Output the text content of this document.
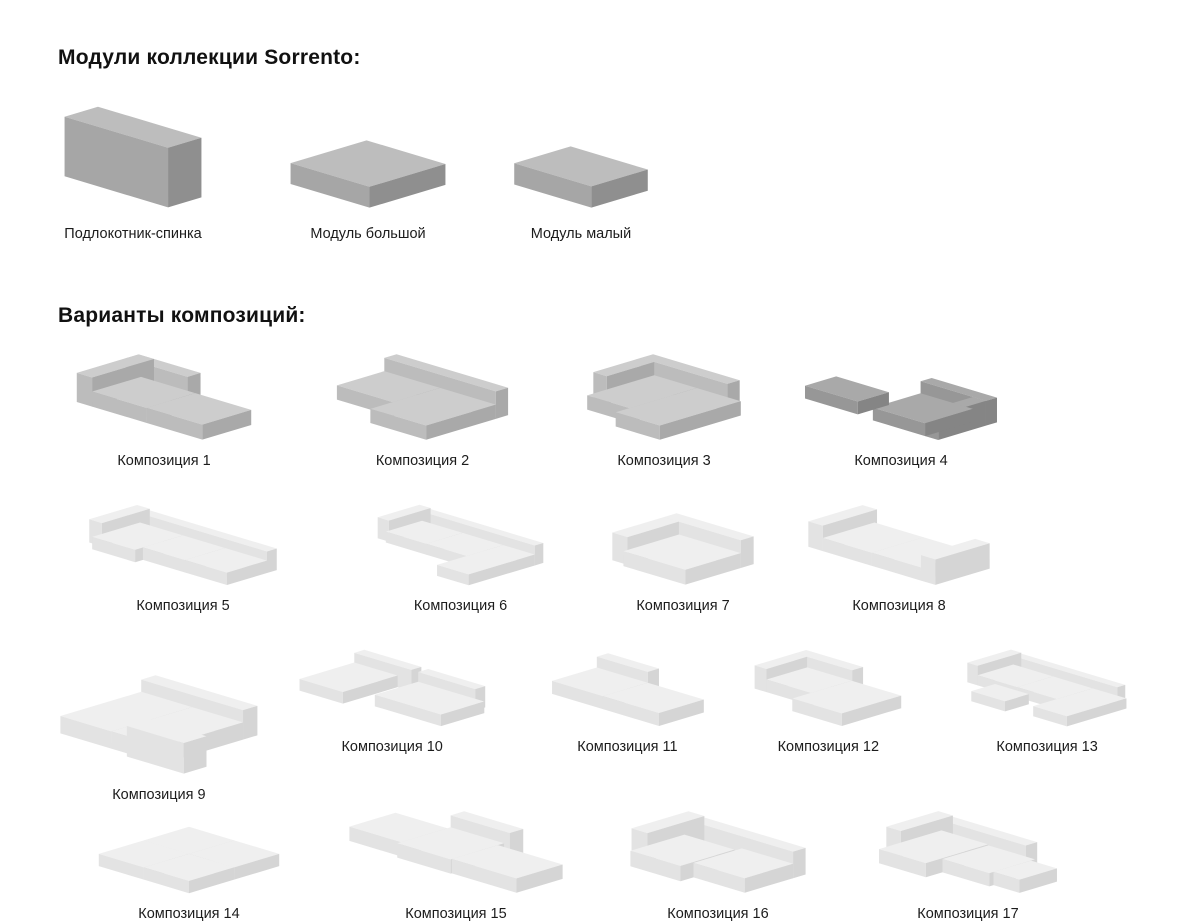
Модули коллекции Sorrento:
Подлокотник-спинка	Модуль большой	Модуль малый
Варианты композиций:
Композиция 1	Композиция 2	Композиция 3	Композиция 4
Композиция 5	Композиция 6	Композиция 7	Композиция 8
Композиция 9
Композиция 10	Композиция 11	Композиция 12	Композиция 13
Композиция 14	Композиция 15	Композиция 16	Композиция 17
